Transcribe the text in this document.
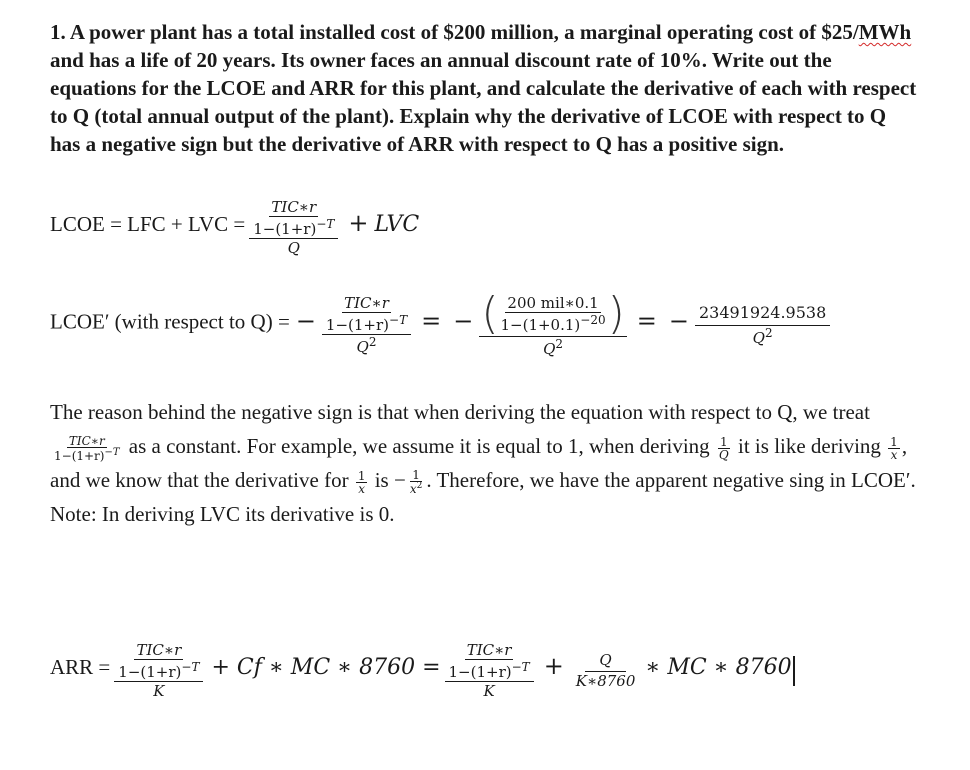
1. A power plant has a total installed cost of $200 million, a marginal operating cost of $25/MWh and has a life of 20 years. Its owner faces an annual discount rate of 10%. Write out the equations for the LCOE and ARR for this plant, and calculate the derivative of each with respect to Q (total annual output of the plant). Explain why the derivative of LCOE with respect to Q has a negative sign but the derivative of ARR with respect to Q has a positive sign.

LCOE = LFC + LVC = $\frac{\frac{\text{TIC∗r}}{1-(1+r)^{-T}}}{Q}$ + LVC
LCOE′ (with respect to Q) = − $\frac{\frac{\text{TIC∗r}}{1-(1+r)^{-T}}}{Q^2}$ = − $\frac{( \frac{\text{200 mil∗0.1}}{1-(1+0.1)^{-20}} )}{Q^2}$ = − $\frac{23491924.9538}{Q^2}$

The reason behind the negative sign is that when deriving the equation with respect to Q, we treat
$\frac{\text{TIC∗r}}{1-(1+r)^{-T}}$ as a constant. For example, we assume it is equal to 1, when deriving $\frac{1}{Q}$ it is like deriving $\frac{1}{x}$ , and we know that the derivative for $\frac{1}{x}$ is − $\frac{1}{x^2}$ . Therefore, we have the apparent negative sing in LCOE′. Note: In deriving LVC its derivative is 0.

ARR = $\frac{\frac{\text{TIC∗r}}{1-(1+r)^{-T}}}{K} + Cf$ ∗ MC ∗ $8760 = \frac{\frac{\text{TIC∗r}}{1-(1+r)^{-T}}}{K} + \frac{Q}{K∗8760}$ ∗ MC ∗ 8760
